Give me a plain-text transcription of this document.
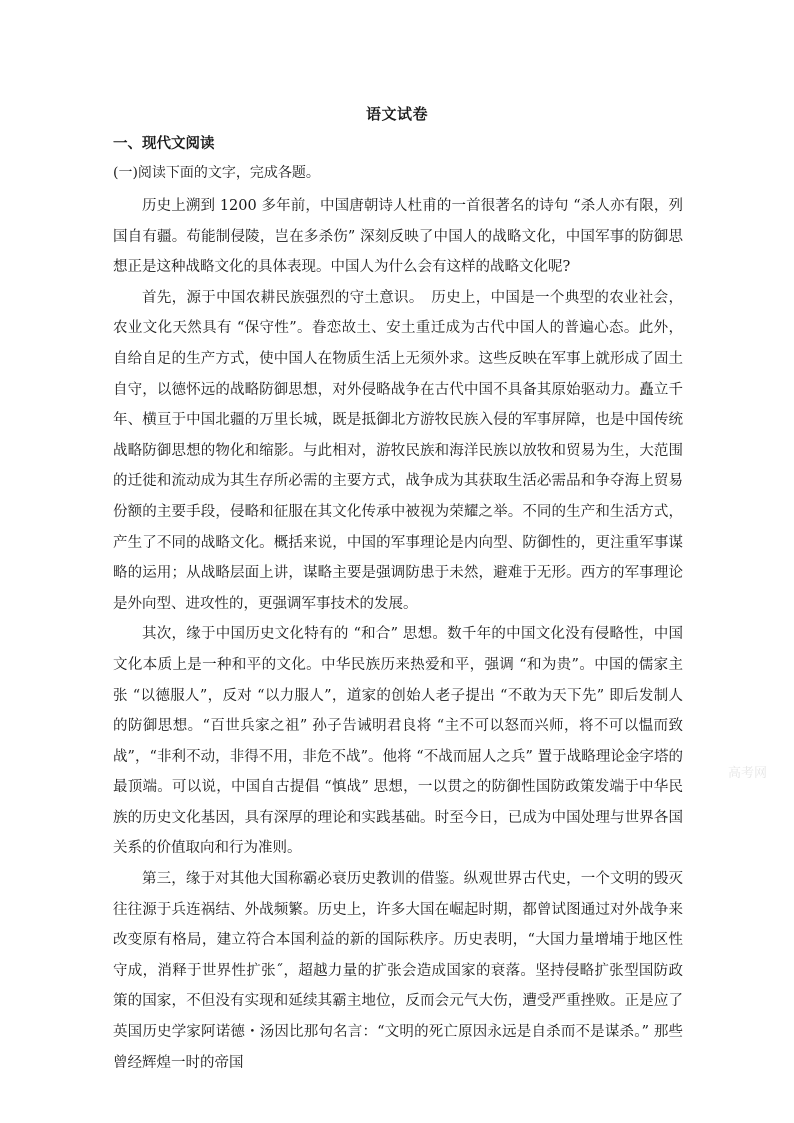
语文试卷
一、现代文阅读
(一)阅读下面的文字，完成各题。

历史上溯到 1200 多年前，中国唐朝诗人杜甫的一首很著名的诗句 “杀人亦有限，列国自有疆。苟能制侵陵，岂在多杀伤” 深刻反映了中国人的战略文化，中国军事的防御思想正是这种战略文化的具体表现。中国人为什么会有这样的战略文化呢?

首先，源于中国农耕民族强烈的守土意识。　历史上，中国是一个典型的农业社会，农业文化天然具有 “保守性”。眷恋故土、安土重迁成为古代中国人的普遍心态。此外，自给自足的生产方式，使中国人在物质生活上无须外求。这些反映在军事上就形成了固土自守，以德怀远的战略防御思想，对外侵略战争在古代中国不具备其原始驱动力。矗立千年、横亘于中国北疆的万里长城，既是抵御北方游牧民族入侵的军事屏障，也是中国传统战略防御思想的物化和缩影。与此相对，游牧民族和海洋民族以放牧和贸易为生，大范围的迁徙和流动成为其生存所必需的主要方式，战争成为其获取生活必需品和争夺海上贸易份额的主要手段，侵略和征服在其文化传承中被视为荣耀之举。不同的生产和生活方式，产生了不同的战略文化。概括来说，中国的军事理论是内向型、防御性的，更注重军事谋略的运用；从战略层面上讲，谋略主要是强调防患于未然，避难于无形。西方的军事理论是外向型、进攻性的，更强调军事技术的发展。

其次，缘于中国历史文化特有的 “和合” 思想。数千年的中国文化没有侵略性，中国文化本质上是一种和平的文化。中华民族历来热爱和平，强调 “和为贵”。中国的儒家主张 “以德服人”，反对 “以力服人”，道家的创始人老子提出 “不敢为天下先” 即后发制人的防御思想。“百世兵家之祖” 孙子告诫明君良将 “主不可以怒而兴师，将不可以愠而致战”，“非利不动，非得不用，非危不战”。他将 “不战而屈人之兵” 置于战略理论金字塔的最顶端。可以说，中国自古提倡 “慎战” 思想，一以贯之的防御性国防政策发端于中华民族的历史文化基因，具有深厚的理论和实践基础。时至今日，已成为中国处理与世界各国关系的价值取向和行为准则。

第三，缘于对其他大国称霸必衰历史教训的借鉴。纵观世界古代史，一个文明的毁灭往往源于兵连祸结、外战频繁。历史上，许多大国在崛起时期，都曾试图通过对外战争来改变原有格局，建立符合本国利益的新的国际秩序。历史表明，“大国力量增埔于地区性守成，消释于世界性扩张˝，超越力量的扩张会造成国家的衰落。坚持侵略扩张型国防政策的国家，不但没有实现和延续其霸主地位，反而会元气大伤，遭受严重挫败。正是应了英国历史学家阿诺德・汤因比那句名言：“文明的死亡原因永远是自杀而不是谋杀。” 那些曾经辉煌一时的帝国

高考网
